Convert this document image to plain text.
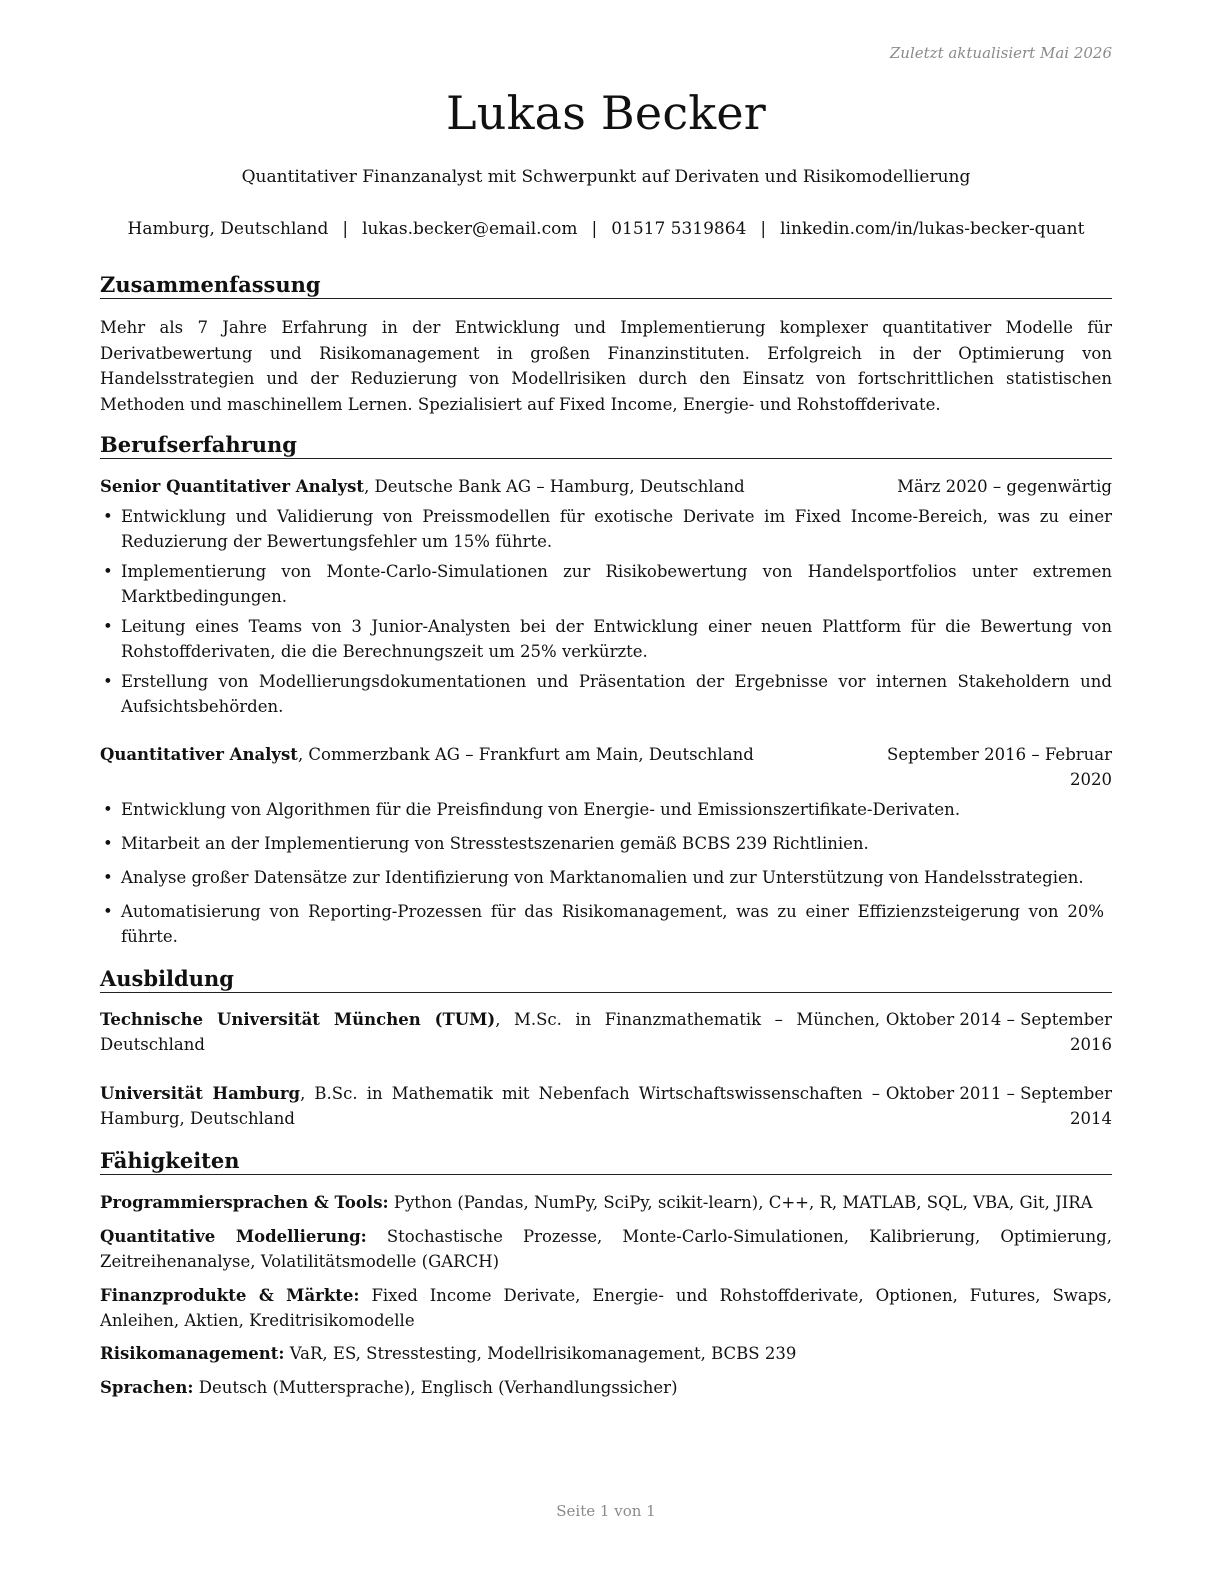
Zuletzt aktualisiert Mai 2026
Lukas Becker
Quantitativer Finanzanalyst mit Schwerpunkt auf Derivaten und Risikomodellierung
Hamburg, Deutschland | lukas.becker@email.com | 01517 5319864 | linkedin.com/in/lukas-becker-quant
Zusammenfassung
Mehr als 7 Jahre Erfahrung in der Entwicklung und Implementierung komplexer quantitativer Modelle für Derivatbewertung und Risikomanagement in großen Finanzinstituten. Erfolgreich in der Optimierung von Handelsstrategien und der Reduzierung von Modellrisiken durch den Einsatz von fortschrittlichen statistischen Methoden und maschinellem Lernen. Spezialisiert auf Fixed Income, Energie- und Rohstoffderivate.
Berufserfahrung
Senior Quantitativer Analyst, Deutsche Bank AG – Hamburg, Deutschland	März 2020 – gegenwärtig
• Entwicklung und Validierung von Preissmodellen für exotische Derivate im Fixed Income-Bereich, was zu einer Reduzierung der Bewertungsfehler um 15% führte.
• Implementierung von Monte-Carlo-Simulationen zur Risikobewertung von Handelsportfolios unter extremen Marktbedingungen.
• Leitung eines Teams von 3 Junior-Analysten bei der Entwicklung einer neuen Plattform für die Bewertung von Rohstoffderivaten, die die Berechnungszeit um 25% verkürzte.
• Erstellung von Modellierungsdokumentationen und Präsentation der Ergebnisse vor internen Stakeholdern und Aufsichtsbehörden.
Quantitativer Analyst, Commerzbank AG – Frankfurt am Main, Deutschland	September 2016 – Februar
2020
• Entwicklung von Algorithmen für die Preisfindung von Energie- und Emissionszertifikate-Derivaten.
• Mitarbeit an der Implementierung von Stresstestszenarien gemäß BCBS 239 Richtlinien.
• Analyse großer Datensätze zur Identifizierung von Marktanomalien und zur Unterstützung von Handelsstrategien.
• Automatisierung von Reporting-Prozessen für das Risikomanagement, was zu einer Effizienzsteigerung von 20% führte.
Ausbildung
Technische Universität München (TUM), M.Sc. in Finanzmathematik – München, Deutschland
Oktober 2014 – September
2016
Universität Hamburg, B.Sc. in Mathematik mit Nebenfach Wirtschaftswissenschaften – Hamburg, Deutschland
Oktober 2011 – September
2014
Fähigkeiten
Programmiersprachen & Tools: Python (Pandas, NumPy, SciPy, scikit-learn), C++, R, MATLAB, SQL, VBA, Git, JIRA
Quantitative Modellierung: Stochastische Prozesse, Monte-Carlo-Simulationen, Kalibrierung, Optimierung, Zeitreihenanalyse, Volatilitätsmodelle (GARCH)
Finanzprodukte & Märkte: Fixed Income Derivate, Energie- und Rohstoffderivate, Optionen, Futures, Swaps, Anleihen, Aktien, Kreditrisikomodelle
Risikomanagement: VaR, ES, Stresstesting, Modellrisikomanagement, BCBS 239
Sprachen: Deutsch (Muttersprache), Englisch (Verhandlungssicher)
Seite 1 von 1
